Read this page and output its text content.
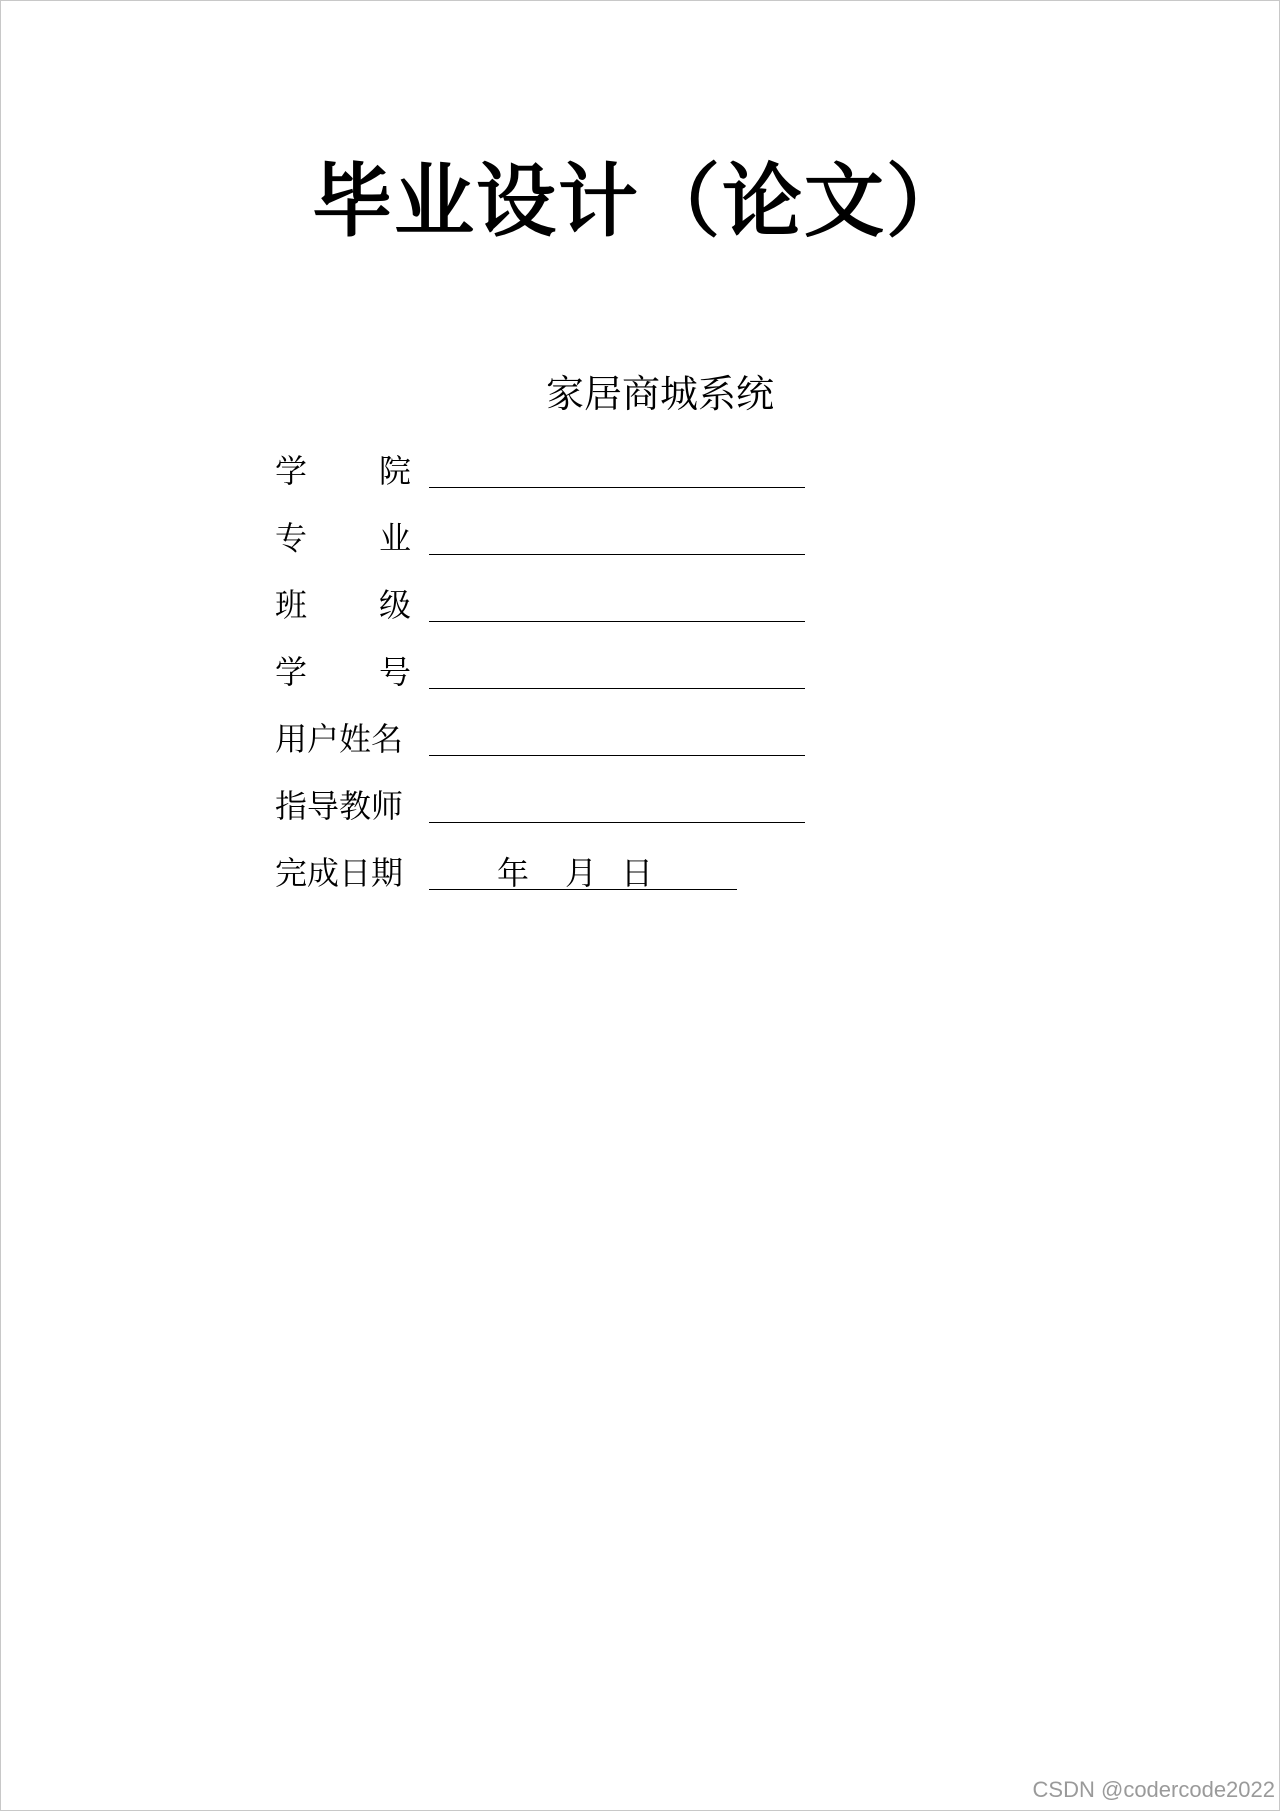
毕业设计（论文）
家居商城系统
学 院
专 业
班 级
学 号
用户姓名
指导教师
完成日期	年 月 日
CSDN @codercode2022
